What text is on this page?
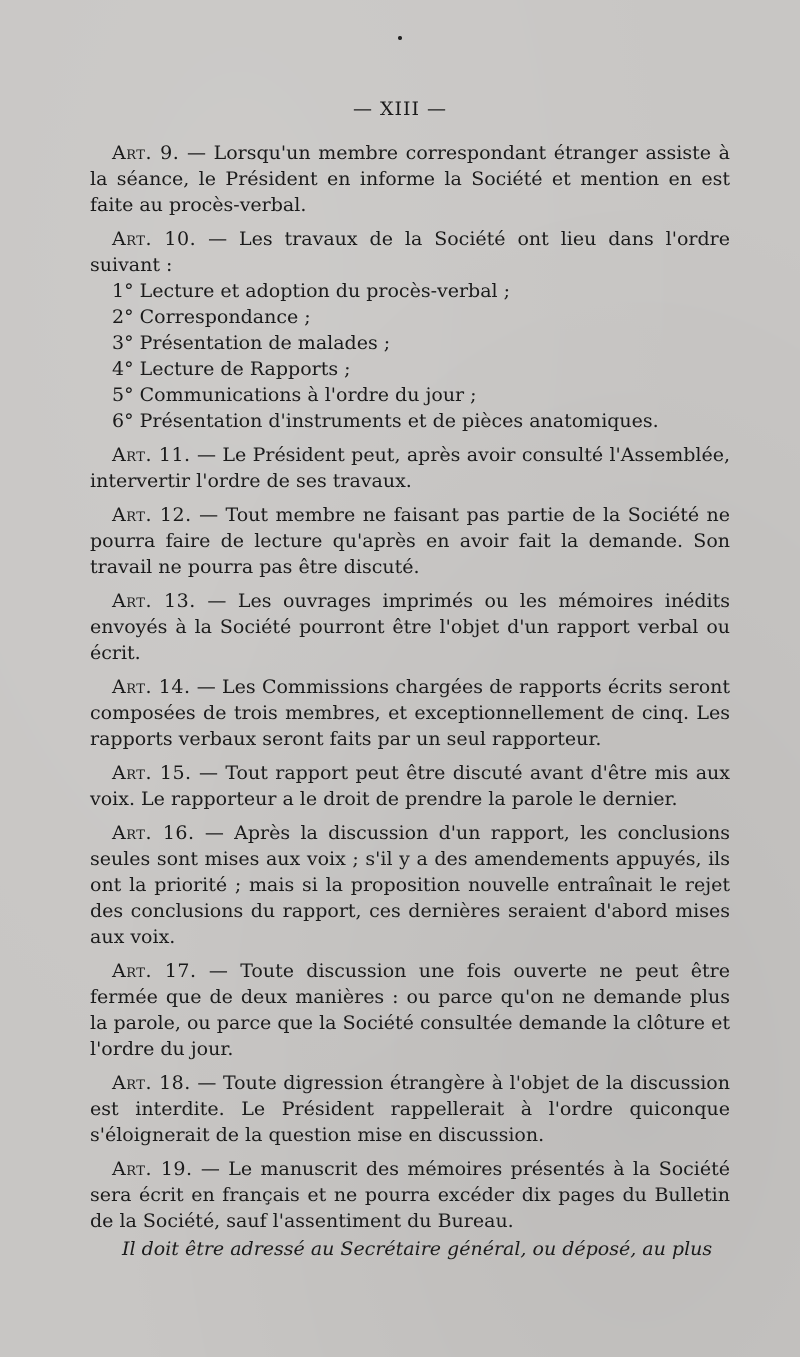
— XIII —

Art. 9. — Lorsqu'un membre correspondant étranger assiste à la séance, le Président en informe la Société et mention en est faite au procès-verbal.

Art. 10. — Les travaux de la Société ont lieu dans l'ordre suivant :

1° Lecture et adoption du procès-verbal ;
2° Correspondance ;
3° Présentation de malades ;
4° Lecture de Rapports ;
5° Communications à l'ordre du jour ;
6° Présentation d'instruments et de pièces anatomiques.

Art. 11. — Le Président peut, après avoir consulté l'Assemblée, intervertir l'ordre de ses travaux.

Art. 12. — Tout membre ne faisant pas partie de la Société ne pourra faire de lecture qu'après en avoir fait la demande. Son travail ne pourra pas être discuté.

Art. 13. — Les ouvrages imprimés ou les mémoires inédits envoyés à la Société pourront être l'objet d'un rapport verbal ou écrit.

Art. 14. — Les Commissions chargées de rapports écrits seront composées de trois membres, et exceptionnellement de cinq. Les rapports verbaux seront faits par un seul rapporteur.

Art. 15. — Tout rapport peut être discuté avant d'être mis aux voix. Le rapporteur a le droit de prendre la parole le dernier.

Art. 16. — Après la discussion d'un rapport, les conclusions seules sont mises aux voix ; s'il y a des amendements appuyés, ils ont la priorité ; mais si la proposition nouvelle entraînait le rejet des conclusions du rapport, ces dernières seraient d'abord mises aux voix.

Art. 17. — Toute discussion une fois ouverte ne peut être fermée que de deux manières : ou parce qu'on ne demande plus la parole, ou parce que la Société consultée demande la clôture et l'ordre du jour.

Art. 18. — Toute digression étrangère à l'objet de la discussion est interdite. Le Président rappellerait à l'ordre quiconque s'éloignerait de la question mise en discussion.

Art. 19. — Le manuscrit des mémoires présentés à la Société sera écrit en français et ne pourra excéder dix pages du Bulletin de la Société, sauf l'assentiment du Bureau.

Il doit être adressé au Secrétaire général, ou déposé, au plus
